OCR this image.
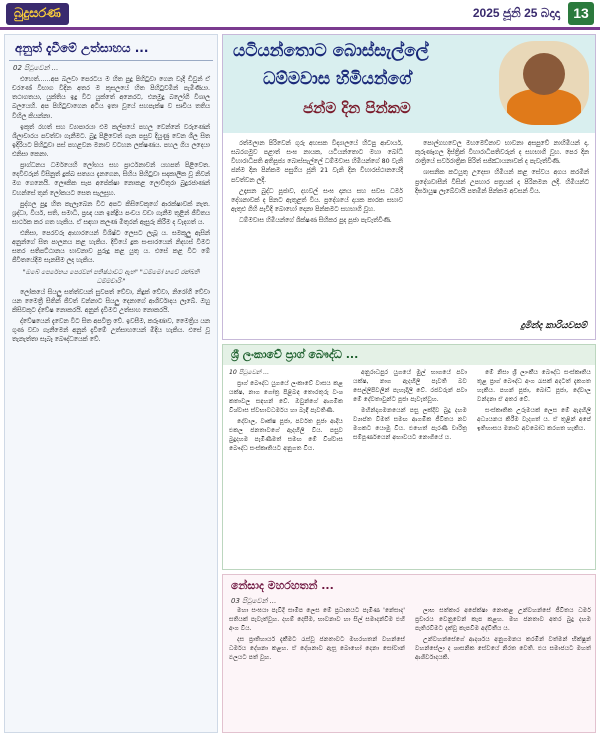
බුදුසරණ	2025 ජූනි 25 බදාදා 13
අනුත් දැවීමේ උත්සාහය ...
02 පිටුවෙන් ...

එහෙත්......අප බලවා පෙරටය ම හිත පුදු පිහිටුවා ගෙන වැදී ඩිවුන් ඒ චරණේ විභාග විදින අතර ම කුසලයේ හිත පිහිටුවමින් පැමිණියා. තථාගතයා, යුක්තිය ඉදු විට යුක්තේ අනෙරට, එනමුදු බලෝගි විශාල බලයෙහි. අප පිහිටුවාගෙන අටිය ඉතා වූයේ සහපැක්ෂ ව සෘචිය තතිය විහිල කියන්නා.

ඉකුත් රහත් සහ ව්‍යාපාරයා එම කල්පයේ පහල වෙන්නේ වරුණෙන් ශීලාචාරය පවත්වා ගැනීමට. බුදු පිළිවෙත් ගැන පසුව දියුණු වෙන ශීල සිත ඉදිරියට පිහිටුවා පස් පහළවන මනාව වටහන ලක්ෂණය. පහල ගිය ලදෙයා එනිසා කෙනා.

ප්‍රාග්ධනය ධර්මයෙහි ලෝභය සහ ප්‍රාර්ථනාවන් යහපත් පිළිවෙත. දෙවිවරුන් විසිනුත් දුක්ඛ සත්‍යය දැනගෙන, සිහිය පිහිටුවා සදාකාලික වූ නිවන් මග ගෙනෙයි. ලෞකික සැප අපේක්ෂා නොකළ ලොව්තුරා බුදුරජාණන් වහන්සේ තුන් ලෝකයට සෙත සැලසූහ.

පුද්ගල පුදු හිත කැලැබෙන විට අපට කිසිවෙකුගේ ආරක්ෂාවක් නැත. ශ්‍රද්ධා, වීර්ය, සති, සමාධි, ප්‍රඥා යන ඉන්ද්‍රිය පංචය වඩා ගැනීම තුළින් ජීවිතය සාර්ථක කර ගත හැකිය. ඒ සඳහා කලණ මිතුරන් ඇසුරු කිරීම ද වැදගත් ය.

එනිසා, පෙරවරු ආහාරයෙන් විශිෂ්ට ලෙසට ලැබූ ය. සමකුලු ඇසින් අනුන්ගේ සිත පාලනය කළ හැකිය. දිවියේ දුක සංසාරයෙන් නිදහස් වීමට සතර සතිපට්ඨානය භාවනාව පුරුදු කළ යුතු ය. එසේ කළ විට මේ ජීවිතයේදීම සැනසීම ලද හැකිය.

"ඔබේ පෙරේතය පෙරවන් පතිෂ්ඨාවට ඇත" "ධම්මෝ හවේ රක්ඛති ධම්මචාරිං"

ලෝකයේ සියලු සත්ත්වයන් සුවපත් වේවා, නිදුක් වේවා, නිරෝගී වේවා යන මෛත්‍රී සිතින් ජීවත් වන්නාට සියලු දෙනාගේ ආශිර්වාදය ලැබේ. ඔහු කිසිවකුට ද්වේෂ නොකරයි. අනුන් දැවීමට උත්සාහ නොකරයි.

ද්වේෂයෙන් දැවෙන විට සිත අපවිත්‍ර වේ. ඉවසීම, කරුණාව, මෛත්‍රිය යන ගුණ වඩා ගැනීමෙන් අනුන් දැවීමේ උත්සාහයෙන් මිදිය හැකිය. එසේ වූ තැනැත්තා සැබෑ බෞද්ධයෙක් වේ.

යටියන්තොට බොස්සැල්ලේ
ධම්මවාස හිමියන්ගේ
ජන්ම දින පින්කම

රත්මලාන පිරිවෙන් ගුරු අහසක විද්‍යාලයේ හිටපු ආචාර්ය, සබරගමුව පළාත් සංඝ නායක, යටියන්තොට මහා බෝධි විහාරාධිපති අතිපූජ්‍ය බොස්සැල්ලේ ධම්මවාස හිමියන්ගේ 80 වැනි ජන්ම දින පින්කම පසුගිය ජූනි 21 වැනි දින විහාරස්ථානයේදී පවත්වන ලදී.

උදෑසන බුද්ධ පූජාව, දහවල් සංඝ දානය සහ සවස ධර්ම දේශනාවක් ද පිනට ඇතුළත් විය. ප්‍රදේශයේ දායක කාරක සභාව ඇතුළු ගිහි පැවිදි බොහෝ දෙනා පින්කමට සහභාගි වූහ.

ධම්මවාස හිමියන්ගේ ශික්ෂණ සිහිකර පුද පූජා පැවැත්විණි.

පොල්ගහවෙල මහමෙව්නාව භාවනා අසපුවේ නාහිමියන් ද, කුරුණෑගල දිස්ත්‍රික් විහාරාධිපතිවරුන් ද සහභාගි වූහ. පෙර දින රාත්‍රියේ සර්වරාත්‍රික පිරිත් සජ්ඣායනාවක් ද පැවැත්විණි.

ශාසනික කටයුතු උදෙසා හිමියන් කළ සේවය අගය කරමින් ප්‍රදේශවාසීන් විසින් උපහාර පත්‍රයක් ද පිරිනමන ලදී. හිමියන්ට දීර්ඝායුෂ ලැබේවායි පතමින් පින්කම අවසන් විය.

දුමින්ද කාරියවසම්
ශ්‍රී ලංකාවේ ප්‍රාග් බෞද්ධ ...

10 පිටුවෙන් ...

ප්‍රාග් බෞද්ධ යුගයේ ලංකාවේ වාසය කළ යක්ෂ, නාග ගෝත්‍ර පිළිබඳ තොරතුරු වංශ කතාවල සඳහන් වේ. ඔවුන්ගේ ආගමික විශ්වාස ස්වභාවධර්මය හා බැඳී පැවතිණි.

දේවාල, වෘක්ෂ පූජා, පර්වත පූජා ආදිය එකල ජනතාවගේ ඇදහිලි විය. පසුව බුදුදහම පැමිණීමත් සමඟ මේ විශ්වාස බෞද්ධ සංස්කෘතියට අනුගත විය.

අනුරාධපුර යුගයේ මුල් භාගයේ පවා යක්ෂ, නාග ඇදහිලි පැවති බව සෙල්ලිපිවලින් පැහැදිලි වේ. රජවරුන් පවා මේ දේවතාවුන්ට පූජා පැවැත්වූහ.

මහින්දාගමනයෙන් පසු ලක්දිව බුදු දහම ව්‍යාප්ත වීමත් සමඟ ආගමික ජීවිතය නව මගකට යොමු විය. එහෙත් පැරණි චාරිත්‍ර සම්පූර්ණයෙන් අභාවයට නොගියේ ය.

මේ නිසා ශ්‍රී ලාංකීය බෞද්ධ සංස්කෘතිය තුළ ප්‍රාග් බෞද්ධ අංග රැසක් අදටත් දැකගත හැකිය. පහන් පූජා, බෝධි පූජා, දේවාල වන්දනා ඒ අතර වේ.

සංස්කෘතික උරුමයක් ලෙස මේ ඇදහිලි අධ්‍යයනය කිරීම වැදගත් ය. ඒ තුළින් අපේ ඉතිහාසය මනාව අවබෝධ කරගත හැකිය.

නේසාද මහරහතන් ...
03 පිටුවෙන් ...

මහා සංඝයා පැවිදි සාමීප ලෙස මේ ප්‍රධානයට පැමිණ 'නේසාද' සතියක් පැවැත්වූහ. දහම් දෙසීම, භාවනාව හා සිල් සමාදන්වීම එහි අංග විය.

දස ප්‍රාතිහාර්ය දැකීමට රැස්වූ ජනතාවට මහරහතන් වහන්සේ ධර්මය දේශනා කළහ. ඒ දේශනාව ඇසූ බොහෝ දෙනා සෝවාන් ඵලයට පත් වූහ.

ලාභ සත්කාර අපේක්ෂා නොකළ උන්වහන්සේ ජීවිතය ධර්ම ප්‍රචාරය වෙනුවෙන් කැප කළහ. මහ ජනතාව අතර බුදු දහම පැතිරවීමට දැක්වූ කැපවීම අද්විතීය ය.

උන්වහන්සේගේ ආදර්ශය අනුගමනය කරමින් වත්මන් භික්ෂූන් වහන්සේලා ද ශාසනික සේවයේ නිරත වෙති. එය සමාජයට මහත් ආශිර්වාදයකි.
